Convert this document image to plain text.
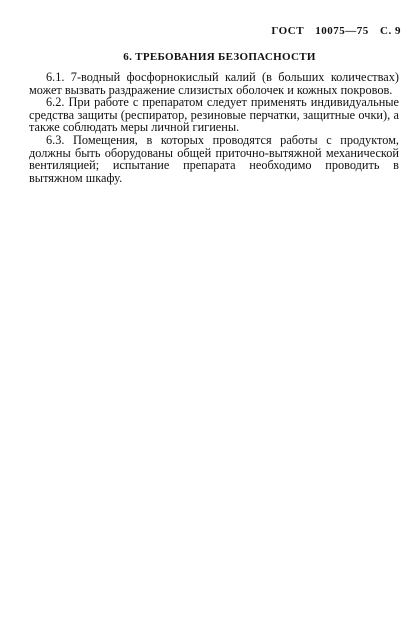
ГОСТ 10075—75 С. 9
6. ТРЕБОВАНИЯ БЕЗОПАСНОСТИ

6.1. 7-водный фосфорнокислый калий (в больших количествах) может вызвать раздражение слизистых оболочек и кожных покровов.

6.2. При работе с препаратом следует применять индивидуальные средства защиты (респиратор, резиновые перчатки, защитные очки), а также соблюдать меры личной гигиены.

6.3. Помещения, в которых проводятся работы с продуктом, должны быть оборудованы общей приточно-вытяжной механической вентиляцией; испытание препарата необходимо проводить в вытяжном шкафу.
